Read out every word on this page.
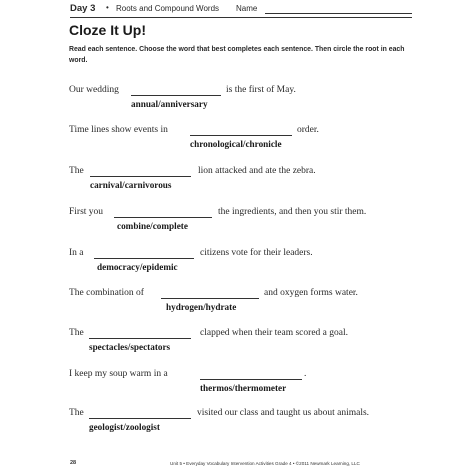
Day 3 • Roots and Compound Words Name
Cloze It Up!
Read each sentence. Choose the word that best completes each sentence. Then circle the root in each word.
Our wedding	is the first of May.
annual/anniversary
Time lines show events in	order.
chronological/chronicle
The	lion attacked and ate the zebra.
carnival/carnivorous
First you	the ingredients, and then you stir them.
combine/complete
In a	citizens vote for their leaders.
democracy/epidemic
The combination of	and oxygen forms water.
hydrogen/hydrate
The	clapped when their team scored a goal.
spectacles/spectators
I keep my soup warm in a	.
thermos/thermometer
The	visited our class and taught us about animals.
geologist/zoologist
28	Unit 5 • Everyday Vocabulary Intervention Activities Grade 4 • ©2011 Newmark Learning, LLC
